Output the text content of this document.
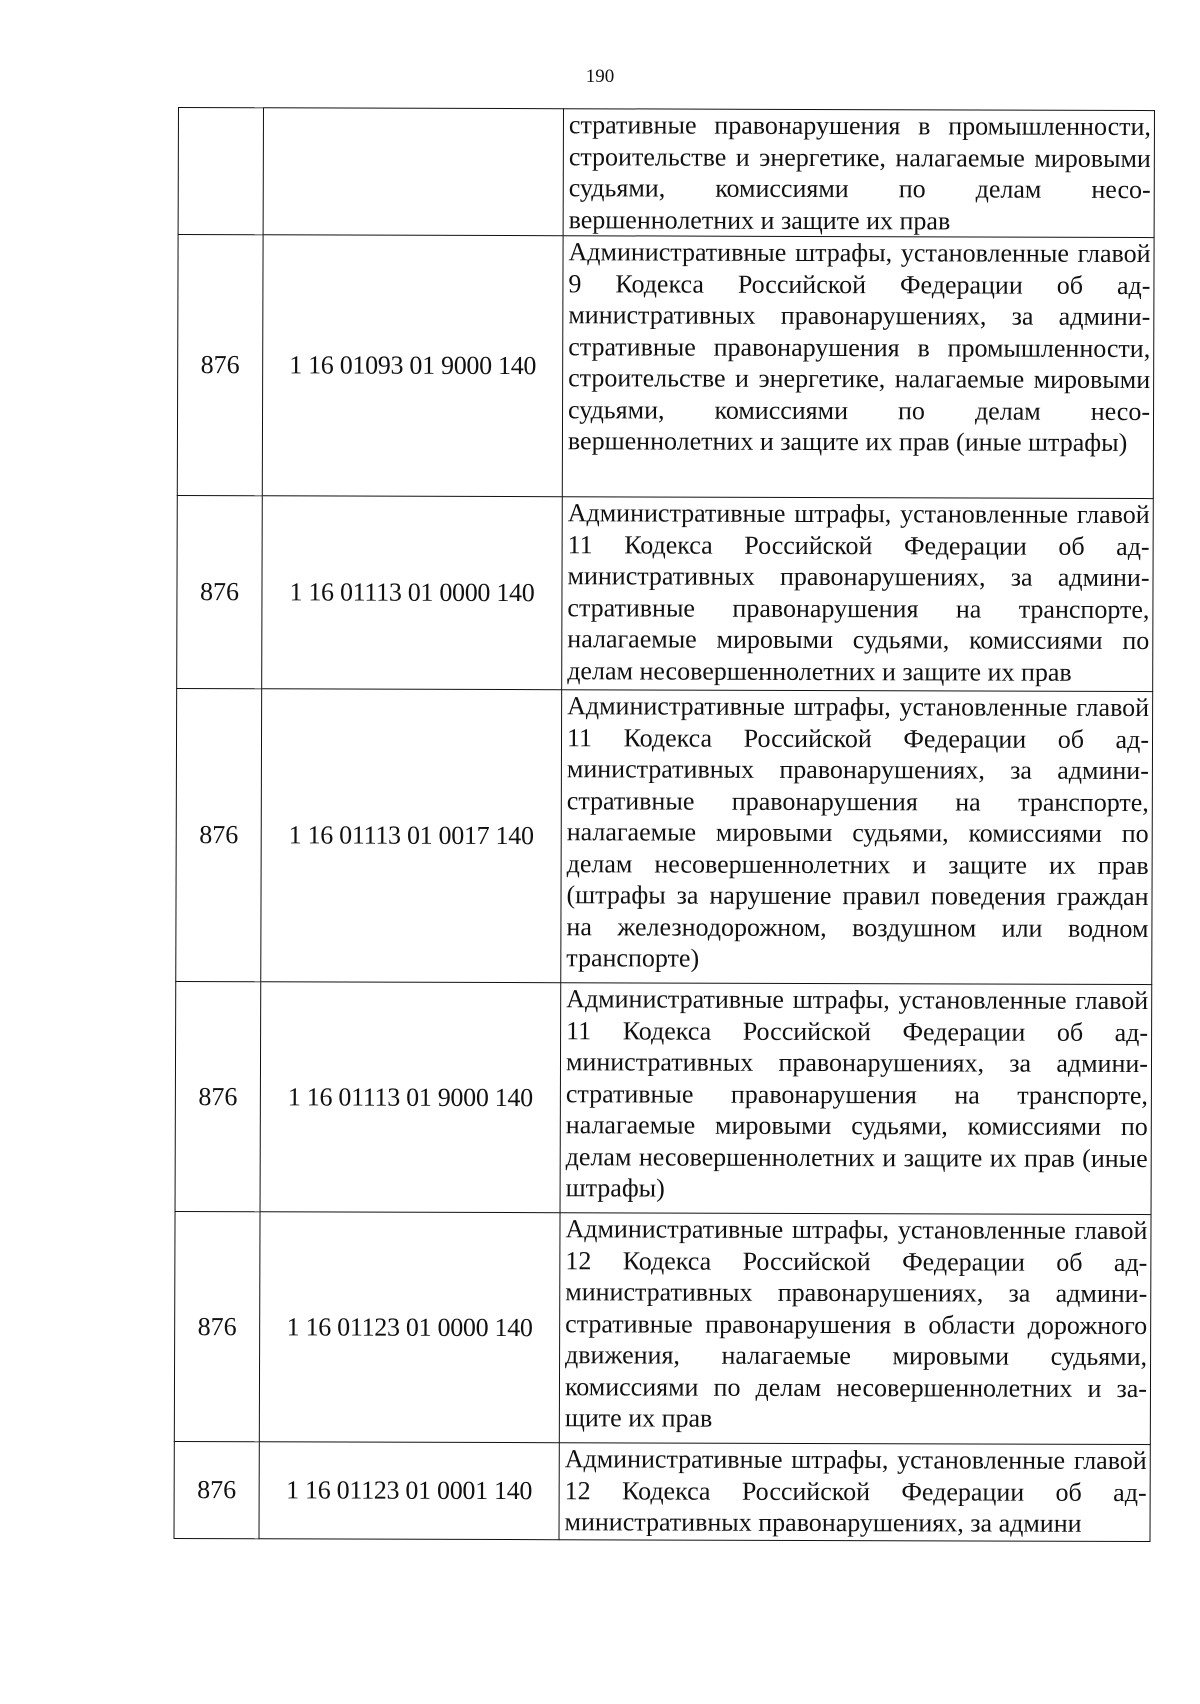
190

		стративные правонарушения в промышленности, строительстве и энергетике, налагаемые мировыми судьями, комиссиями по делам несовершеннолетних и защите их прав

876	1 16 01093 01 9000 140	Административные штрафы, установленные главой 9 Кодекса Российской Федерации об административных правонарушениях, за административные правонарушения в промышленности, строительстве и энергетике, налагаемые мировыми судьями, комиссиями по делам несовершеннолетних и защите их прав (иные штрафы)

876	1 16 01113 01 0000 140	Административные штрафы, установленные главой 11 Кодекса Российской Федерации об административных правонарушениях, за административные правонарушения на транспорте, налагаемые мировыми судьями, комиссиями по делам несовершеннолетних и защите их прав

876	1 16 01113 01 0017 140	Административные штрафы, установленные главой 11 Кодекса Российской Федерации об административных правонарушениях, за административные правонарушения на транспорте, налагаемые мировыми судьями, комиссиями по делам несовершеннолетних и защите их прав (штрафы за нарушение правил поведения граждан на железнодорожном, воздушном или водном транспорте)

876	1 16 01113 01 9000 140	Административные штрафы, установленные главой 11 Кодекса Российской Федерации об административных правонарушениях, за административные правонарушения на транспорте, налагаемые мировыми судьями, комиссиями по делам несовершеннолетних и защите их прав (иные штрафы)

876	1 16 01123 01 0000 140	Административные штрафы, установленные главой 12 Кодекса Российской Федерации об административных правонарушениях, за административные правонарушения в области дорожного движения, налагаемые мировыми судьями, комиссиями по делам несовершеннолетних и защите их прав

876	1 16 01123 01 0001 140	Административные штрафы, установленные главой 12 Кодекса Российской Федерации об административных правонарушениях, за админи
